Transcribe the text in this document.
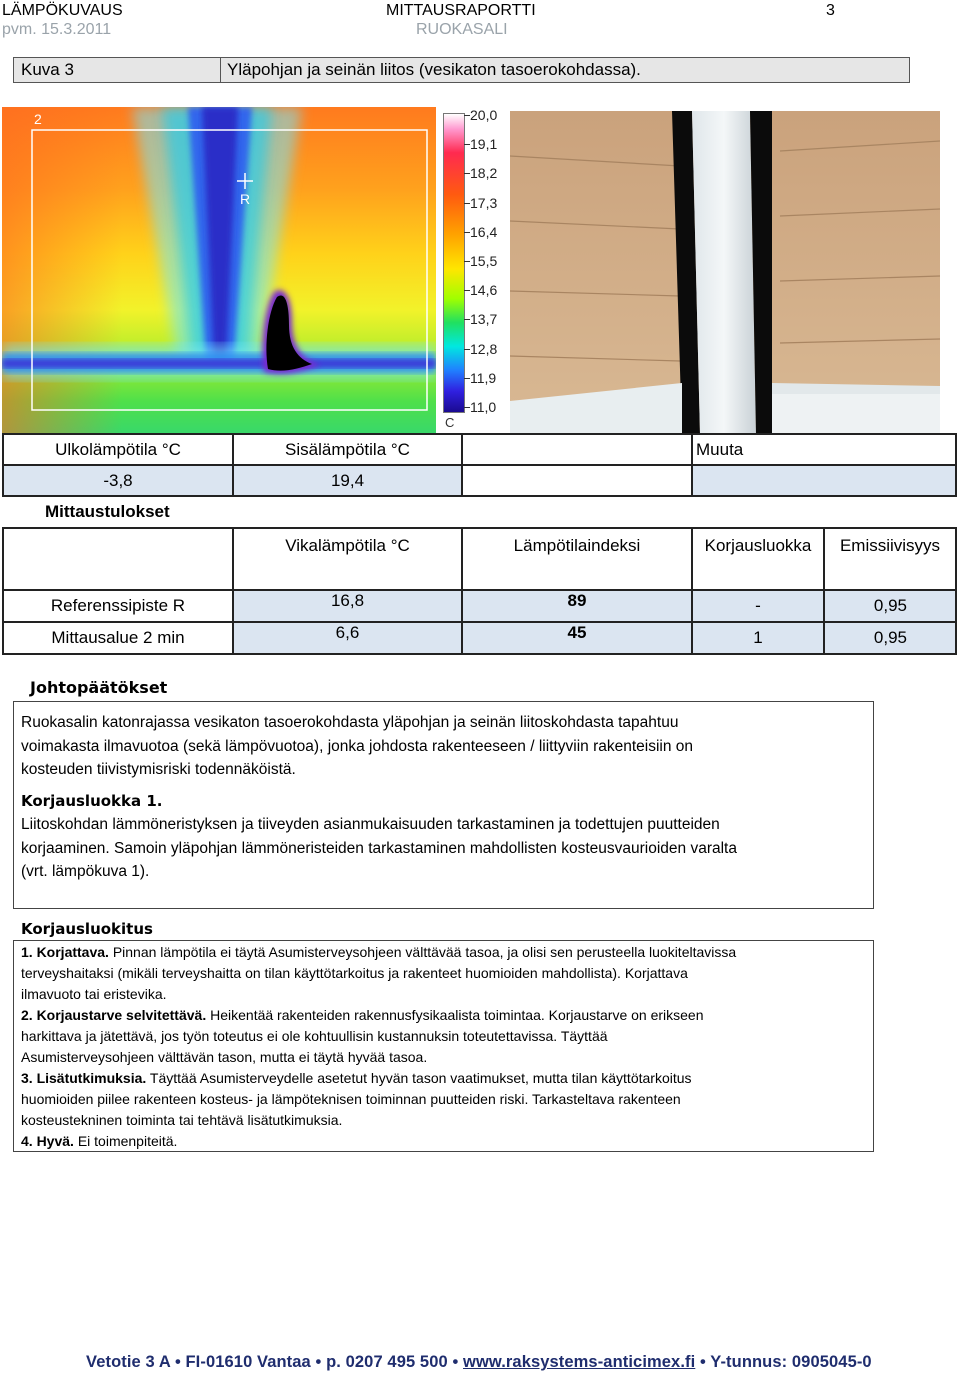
LÄMPÖKUVAUS
pvm. 15.3.2011
MITTAUSRAPORTTI
RUOKASALI
3
Kuva 3	Yläpohjan ja seinän liitos (vesikaton tasoerokohdassa).
2
R
20,0
19,1
18,2
17,3
16,4
15,5
14,6
13,7
12,8
11,9
11,0
C
Ulkolämpötila °C	Sisälämpötila °C		Muuta
-3,8	19,4		
Mittaustulokset
	Vikalämpötila °C	Lämpötilaindeksi	Korjausluokka	Emissiivisyys
Referenssipiste R	16,8	89	-	0,95
Mittausalue 2 min	6,6	45	1	0,95
Johtopäätökset
Ruokasalin katonrajassa vesikaton tasoerokohdasta yläpohjan ja seinän liitoskohdasta tapahtuu
voimakasta ilmavuotoa (sekä lämpövuotoa), jonka johdosta rakenteeseen / liittyviin rakenteisiin on
kosteuden tiivistymisriski todennäköistä.
Korjausluokka 1.
Liitoskohdan lämmöneristyksen ja tiiveyden asianmukaisuuden tarkastaminen ja todettujen puutteiden
korjaaminen. Samoin yläpohjan lämmöneristeiden tarkastaminen mahdollisten kosteusvaurioiden varalta
(vrt. lämpökuva 1).
Korjausluokitus
1. Korjattava. Pinnan lämpötila ei täytä Asumisterveysohjeen välttävää tasoa, ja olisi sen perusteella luokiteltavissa
terveyshaitaksi (mikäli terveyshaitta on tilan käyttötarkoitus ja rakenteet huomioiden mahdollista). Korjattava
ilmavuoto tai eristevika.
2. Korjaustarve selvitettävä. Heikentää rakenteiden rakennusfysikaalista toimintaa. Korjaustarve on erikseen
harkittava ja jätettävä, jos työn toteutus ei ole kohtuullisin kustannuksin toteutettavissa. Täyttää
Asumisterveysohjeen välttävän tason, mutta ei täytä hyvää tasoa.
3. Lisätutkimuksia. Täyttää Asumisterveydelle asetetut hyvän tason vaatimukset, mutta tilan käyttötarkoitus
huomioiden piilee rakenteen kosteus- ja lämpöteknisen toiminnan puutteiden riski. Tarkasteltava rakenteen
kosteustekninen toiminta tai tehtävä lisätutkimuksia.
4. Hyvä. Ei toimenpiteitä.
Vetotie 3 A • FI-01610 Vantaa • p. 0207 495 500 • www.raksystems-anticimex.fi • Y-tunnus: 0905045-0
